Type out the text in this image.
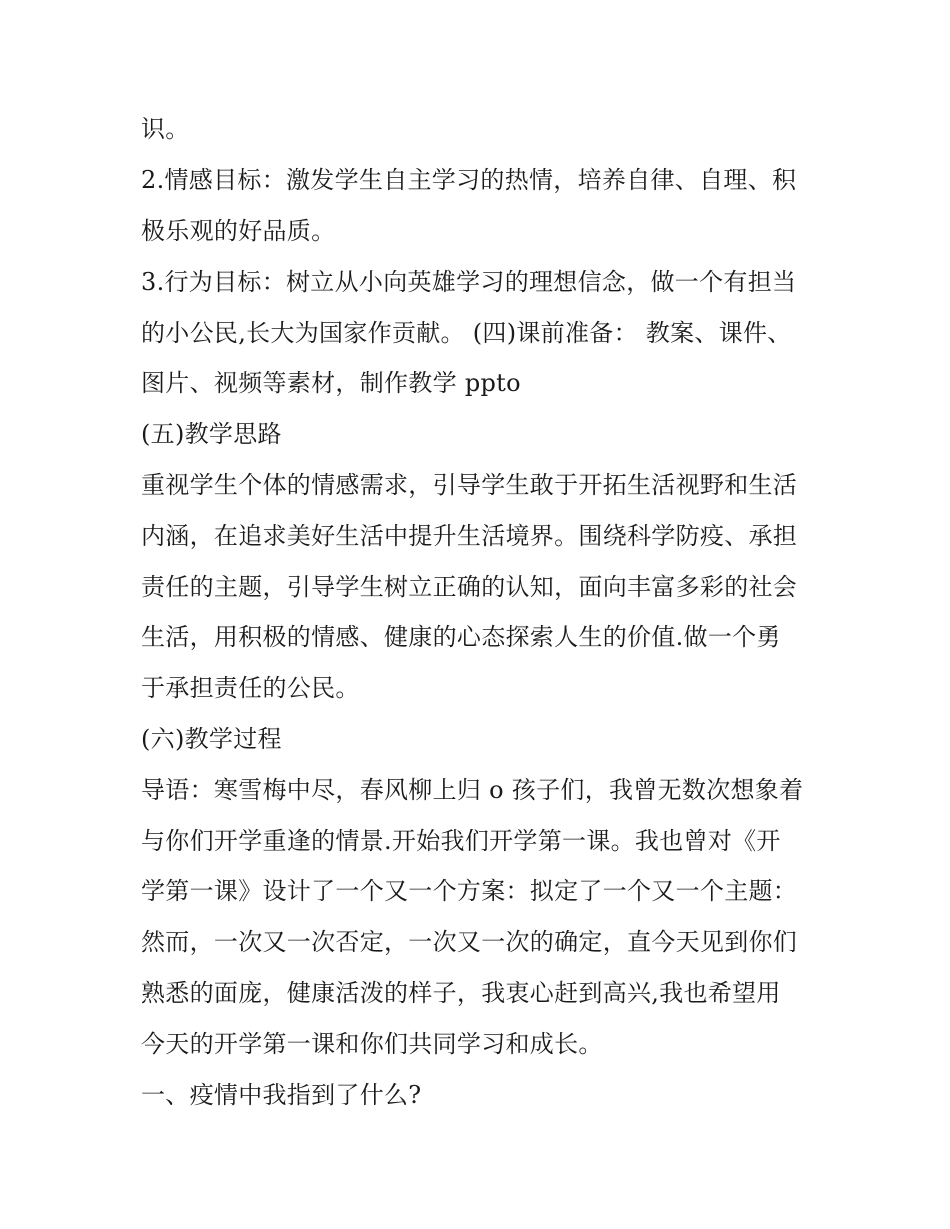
识。
2.情感目标：激发学生自主学习的热情，培养自律、自理、积
极乐观的好品质。
3.行为目标：树立从小向英雄学习的理想信念，做一个有担当
的小公民,长大为国家作贡献。 (四)课前准备： 教案、课件、
图片、视频等素材，制作教学 ppto
(五)教学思路
重视学生个体的情感需求，引导学生敢于开拓生活视野和生活
内涵，在追求美好生活中提升生活境界。围绕科学防疫、承担
责任的主题，引导学生树立正确的认知，面向丰富多彩的社会
生活，用积极的情感、健康的心态探索人生的价值.做一个勇
于承担责任的公民。
(六)教学过程
导语：寒雪梅中尽，春风柳上归 o 孩子们，我曾无数次想象着
与你们开学重逢的情景.开始我们开学第一课。我也曾对《开
学第一课》设计了一个又一个方案：拟定了一个又一个主题：
然而，一次又一次否定，一次又一次的确定，直今天见到你们
熟悉的面庞，健康活泼的样子，我衷心赶到高兴,我也希望用
今天的开学第一课和你们共同学习和成长。
一、疫情中我指到了什么?
